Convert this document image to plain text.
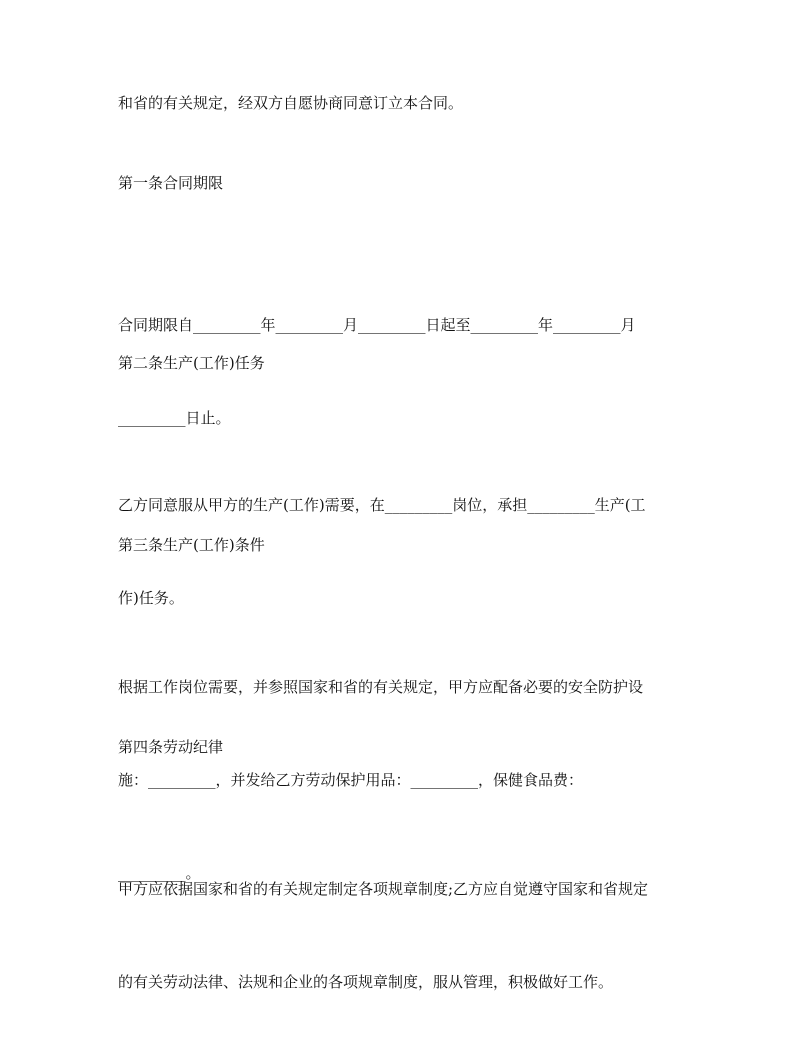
和省的有关规定，经双方自愿协商同意订立本合同。

第一条合同期限

合同期限自_________年_________月_________日起至_________年_________月

_________日止。

第二条生产(工作)任务

乙方同意服从甲方的生产(工作)需要，在_________岗位，承担_________生产(工

作)任务。

第三条生产(工作)条件

根据工作岗位需要，并参照国家和省的有关规定，甲方应配备必要的安全防护设

施：_________，并发给乙方劳动保护用品：_________，保健食品费：

_________。

第四条劳动纪律

甲方应依据国家和省的有关规定制定各项规章制度;乙方应自觉遵守国家和省规定

的有关劳动法律、法规和企业的各项规章制度，服从管理，积极做好工作。
